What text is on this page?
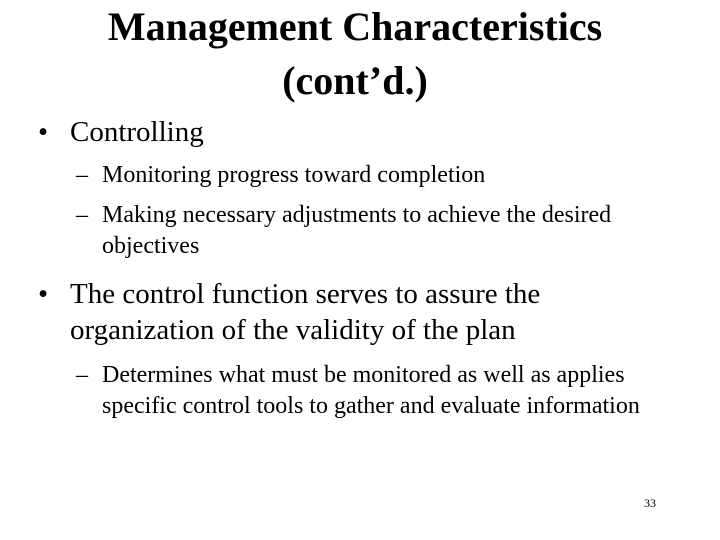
Management Characteristics
(cont’d.)
• Controlling
– Monitoring progress toward completion
– Making necessary adjustments to achieve the desired objectives
• The control function serves to assure the organization of the validity of the plan
– Determines what must be monitored as well as applies specific control tools to gather and evaluate information
33
